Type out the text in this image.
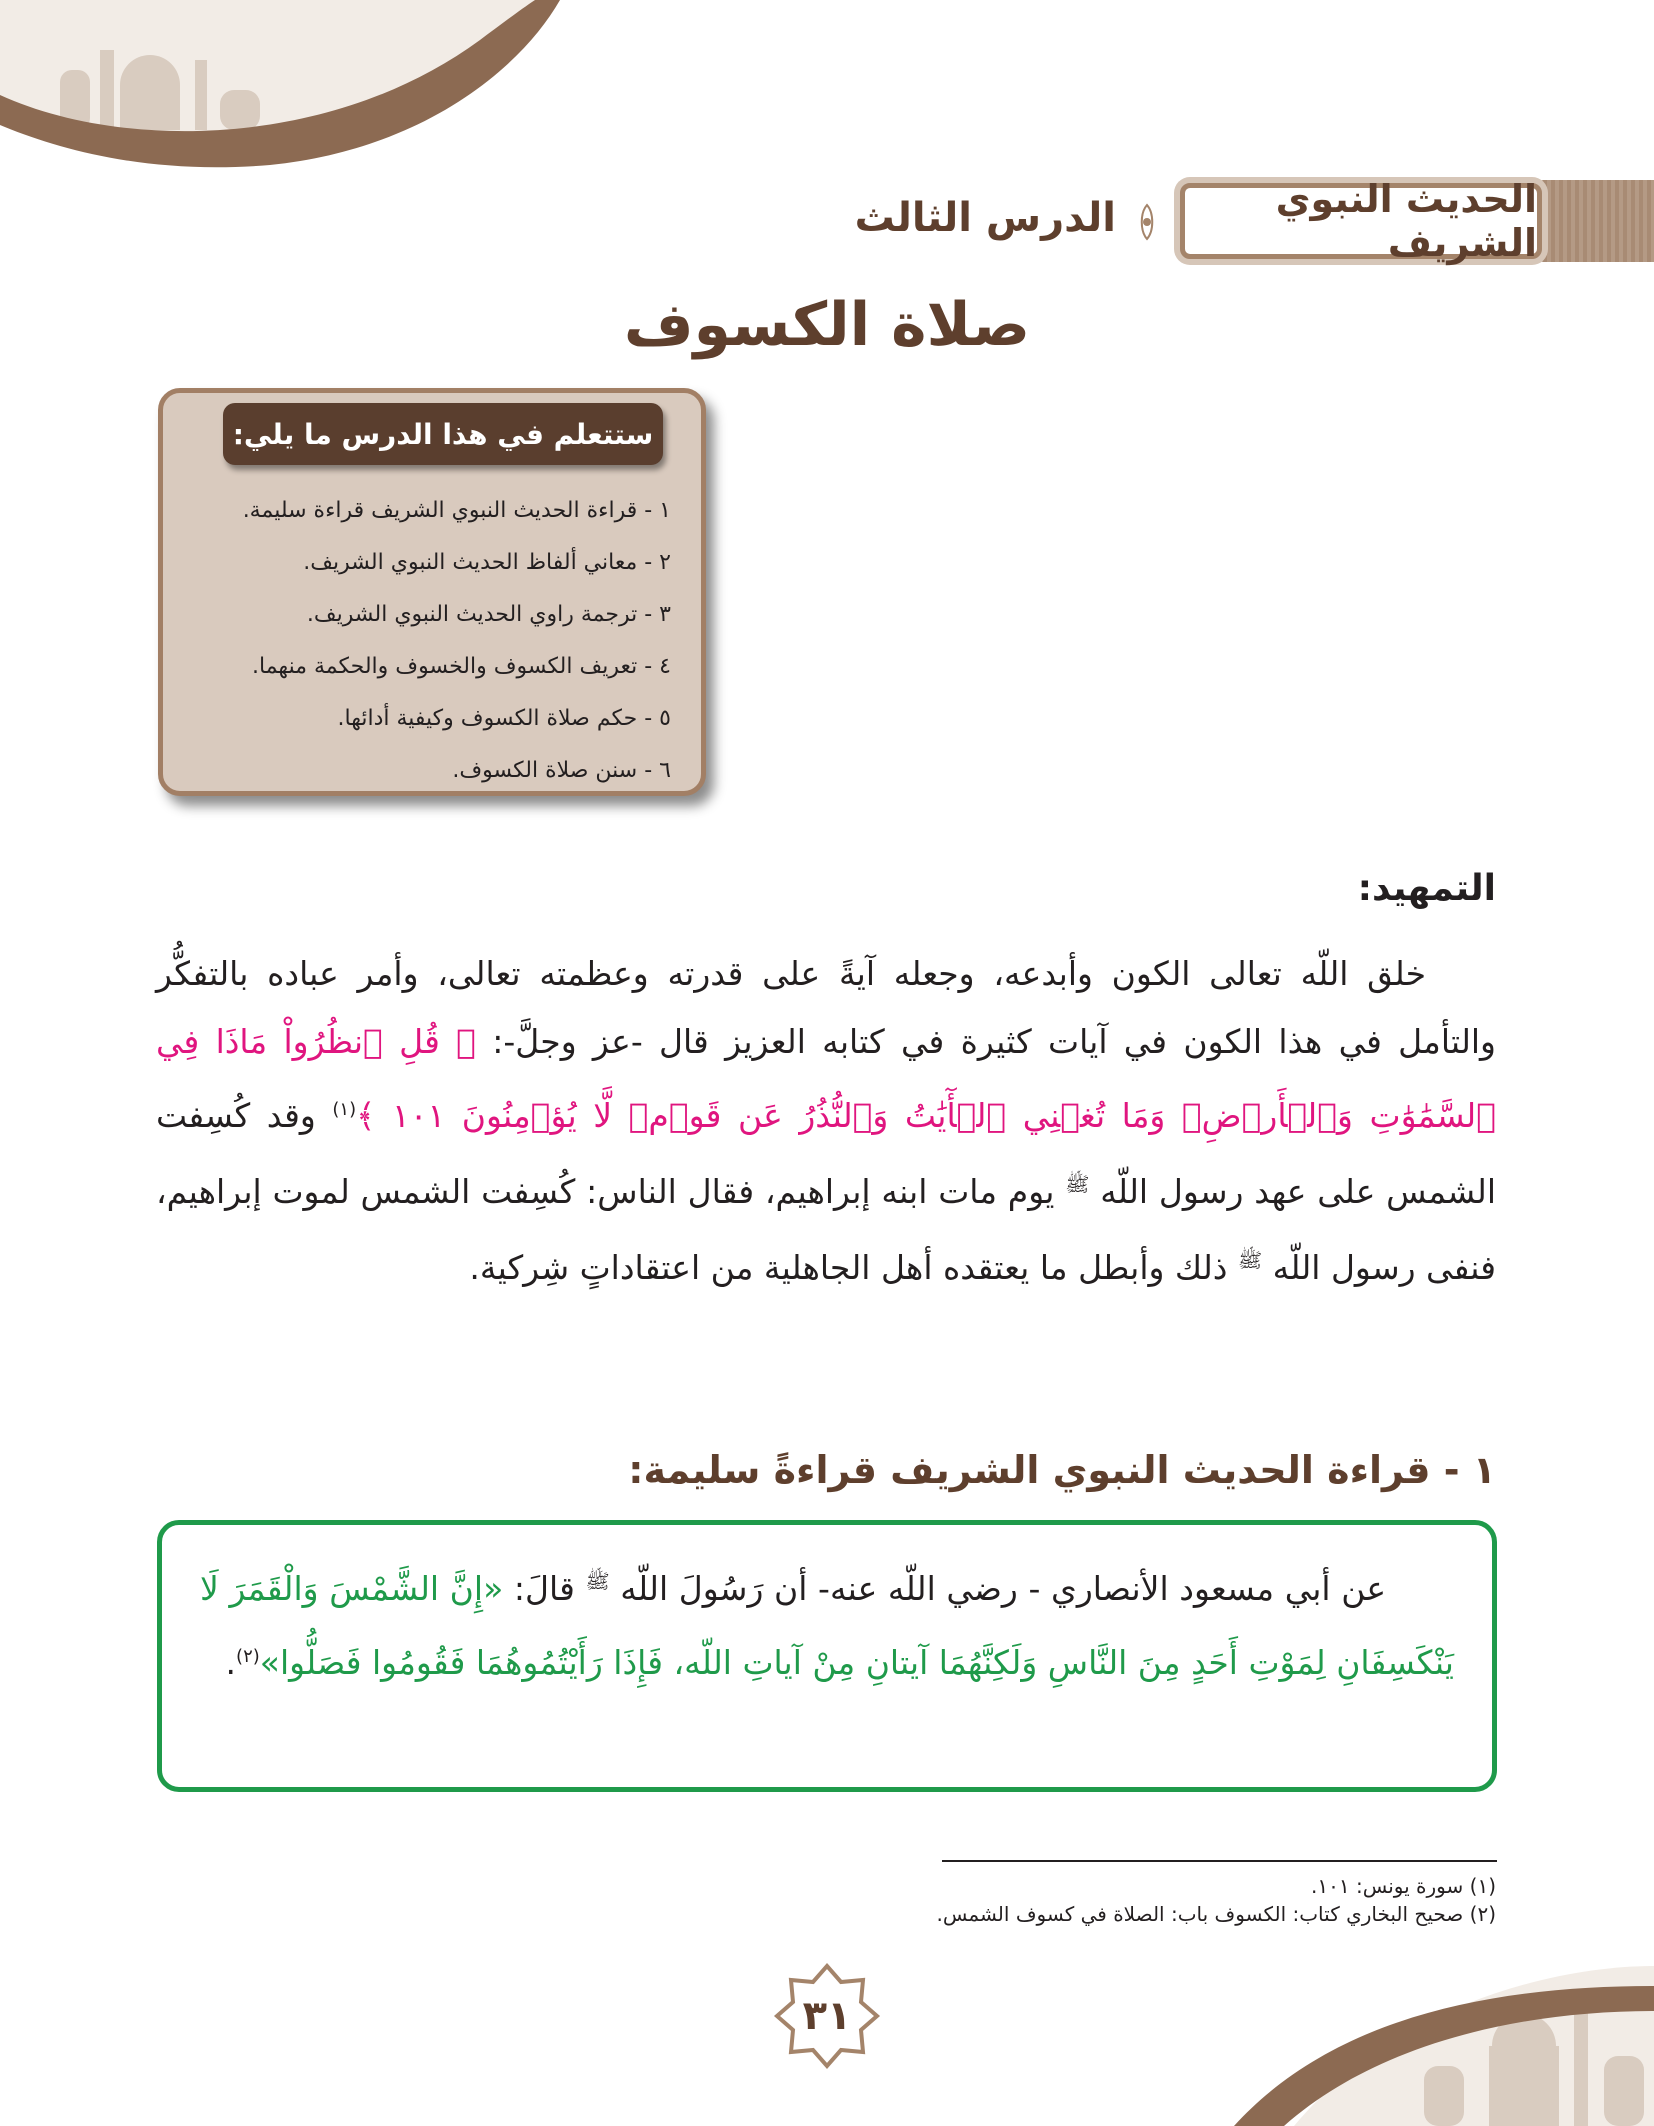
الحديث النبوي الشريف
الدرس الثالث
صلاة الكسوف
ستتعلم في هذا الدرس ما يلي:
١ - قراءة الحديث النبوي الشريف قراءة سليمة.
٢ - معاني ألفاظ الحديث النبوي الشريف.
٣ - ترجمة راوي الحديث النبوي الشريف.
٤ - تعريف الكسوف والخسوف والحكمة منهما.
٥ - حكم صلاة الكسوف وكيفية أدائها.
٦ - سنن صلاة الكسوف.
التمهيد:

خلق اللّه تعالى الكون وأبدعه، وجعله آيةً على قدرته وعظمته تعالى، وأمر عباده بالتفكُّر والتأمل في هذا الكون في آيات كثيرة في كتابه العزيز قال -عز وجلَّ-: ﴿ قُلِ ٱنظُرُواْ مَاذَا فِي ٱلسَّمَٰوَٰتِ وَٱلۡأَرۡضِۚ وَمَا تُغۡنِي ٱلۡأٓيَٰتُ وَٱلنُّذُرُ عَن قَوۡمٖ لَّا يُؤۡمِنُونَ ١٠١ ﴾$^{(١)}$ وقد كُسِفت الشمس على عهد رسول اللّه $^ﷺ$ يوم مات ابنه إبراهيم، فقال الناس: كُسِفت الشمس لموت إبراهيم، فنفى رسول اللّه $^ﷺ$ ذلك وأبطل ما يعتقده أهل الجاهلية من اعتقاداتٍ شِركية.

١ - قراءة الحديث النبوي الشريف قراءةً سليمة:

عن أبي مسعود الأنصاري - رضي اللّه عنه- أن رَسُولَ اللّه $^ﷺ$ قالَ: «إِنَّ الشَّمْسَ وَالْقَمَرَ لَا يَنْكَسِفَانِ لِمَوْتِ أَحَدٍ مِنَ النَّاسِ وَلَكِنَّهُمَا آيتانِ مِنْ آياتِ اللّه، فَإِذَا رَأَيْتُمُوهُمَا فَقُومُوا فَصَلُّوا»$^{(٢)}$.

(١) سورة يونس: ١٠١.
(٢) صحيح البخاري كتاب: الكسوف باب: الصلاة في كسوف الشمس.
٣١
